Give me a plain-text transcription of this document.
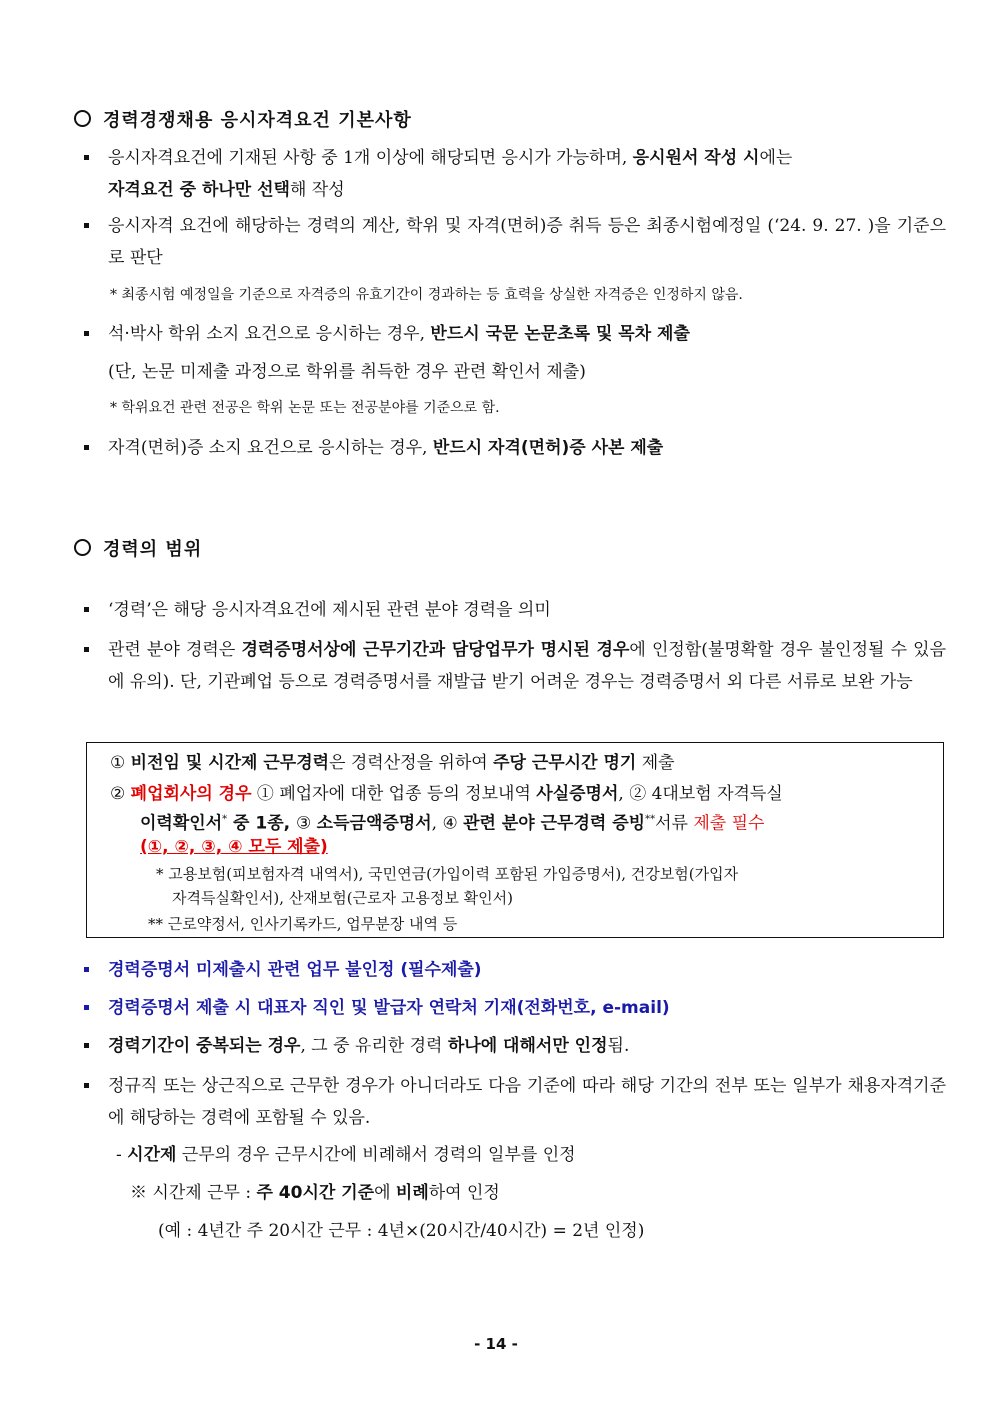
경력경쟁채용 응시자격요건 기본사항
응시자격요건에 기재된 사항 중 1개 이상에 해당되면 응시가 가능하며, 응시원서 작성 시에는
자격요건 중 하나만 선택해 작성
응시자격 요건에 해당하는 경력의 계산, 학위 및 자격(면허)증 취득 등은 최종시험예정일 (‘24. 9. 27. )을 기준으로 판단
* 최종시험 예정일을 기준으로 자격증의 유효기간이 경과하는 등 효력을 상실한 자격증은 인정하지 않음.
석·박사 학위 소지 요건으로 응시하는 경우, 반드시 국문 논문초록 및 목차 제출
(단, 논문 미제출 과정으로 학위를 취득한 경우 관련 확인서 제출)
* 학위요건 관련 전공은 학위 논문 또는 전공분야를 기준으로 함.
자격(면허)증 소지 요건으로 응시하는 경우, 반드시 자격(면허)증 사본 제출
경력의 범위
‘경력’은 해당 응시자격요건에 제시된 관련 분야 경력을 의미
관련 분야 경력은 경력증명서상에 근무기간과 담당업무가 명시된 경우에 인정함(불명확할 경우 불인정될 수 있음에 유의). 단, 기관폐업 등으로 경력증명서를 재발급 받기 어려운 경우는 경력증명서 외 다른 서류로 보완 가능
① 비전임 및 시간제 근무경력은 경력산정을 위하여 주당 근무시간 명기 제출
② 폐업회사의 경우 ① 폐업자에 대한 업종 등의 정보내역 사실증명서, ② 4대보험 자격득실
이력확인서* 중 1종, ③ 소득금액증명서, ④ 관련 분야 근무경력 증빙**서류 제출 필수
(①, ②, ③, ④ 모두 제출)
* 고용보험(피보험자격 내역서), 국민연금(가입이력 포함된 가입증명서), 건강보험(가입자
자격득실확인서), 산재보험(근로자 고용정보 확인서)
** 근로약정서, 인사기록카드, 업무분장 내역 등
경력증명서 미제출시 관련 업무 불인정 (필수제출)
경력증명서 제출 시 대표자 직인 및 발급자 연락처 기재(전화번호, e-mail)
경력기간이 중복되는 경우, 그 중 유리한 경력 하나에 대해서만 인정됨.
정규직 또는 상근직으로 근무한 경우가 아니더라도 다음 기준에 따라 해당 기간의 전부 또는 일부가 채용자격기준에 해당하는 경력에 포함될 수 있음.
- 시간제 근무의 경우 근무시간에 비례해서 경력의 일부를 인정
※ 시간제 근무 : 주 40시간 기준에 비례하여 인정
(예 : 4년간 주 20시간 근무 : 4년×(20시간/40시간) = 2년 인정)
- 14 -
